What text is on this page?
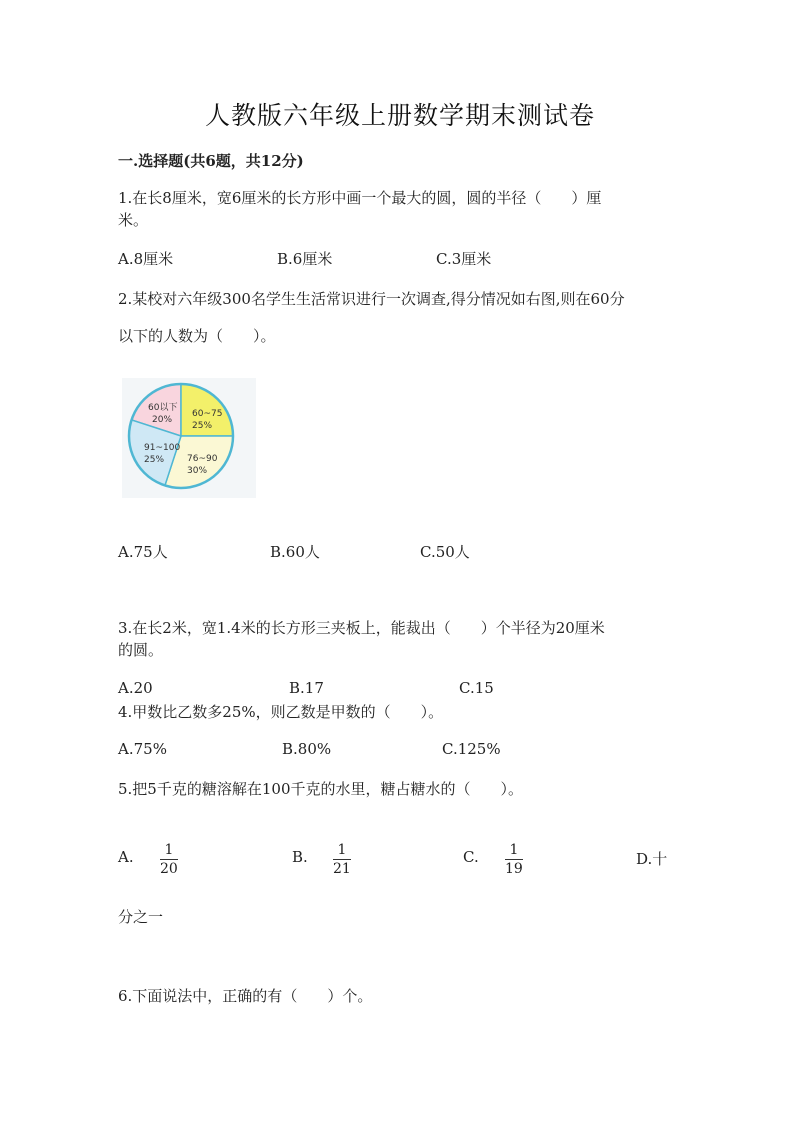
人教版六年级上册数学期末测试卷
一.选择题(共6题，共12分)
1.在长8厘米，宽6厘米的长方形中画一个最大的圆，圆的半径（　　）厘
米。
A.8厘米	B.6厘米	C.3厘米
2.某校对六年级300名学生生活常识进行一次调查,得分情况如右图,则在60分
以下的人数为（　　）。
60以下
20%
60~75
25%
76~90
30%
91~100
25%
A.75人	B.60人	C.50人
3.在长2米，宽1.4米的长方形三夹板上，能裁出（　　）个半径为20厘米
的圆。
A.20	B.17	C.15
4.甲数比乙数多25%，则乙数是甲数的（　　）。
A.75%	B.80%	C.125%
5.把5千克的糖溶解在100千克的水里，糖占糖水的（　　）。
A.	1
20
B.	1
21
C.	1
19
D.十
分之一
6.下面说法中，正确的有（　　）个。
